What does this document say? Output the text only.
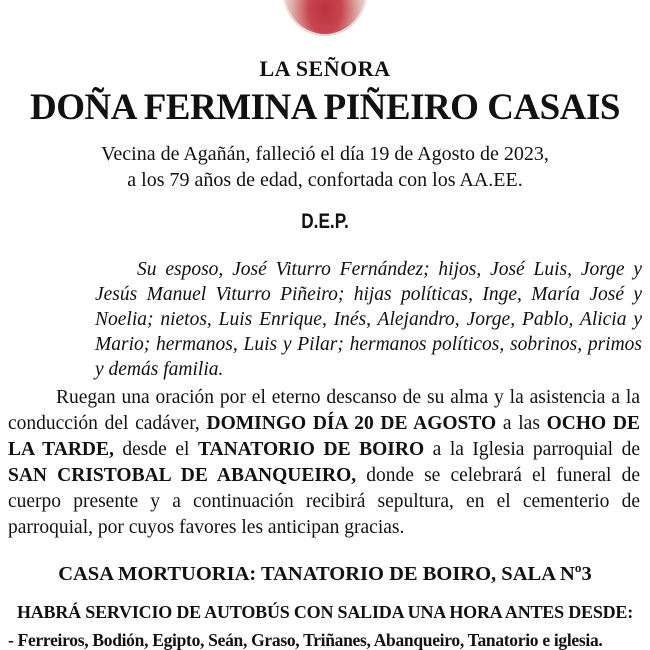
LA SEÑORA
DOÑA FERMINA PIÑEIRO CASAIS
Vecina de Agañán, falleció el día 19 de Agosto de 2023,
a los 79 años de edad, confortada con los AA.EE.
D.E.P.
Su esposo, José Viturro Fernández; hijos, José Luis, Jorge y Jesús Manuel Viturro Piñeiro; hijas políticas, Inge, María José y Noelia; nietos, Luis Enrique, Inés, Alejandro, Jorge, Pablo, Alicia y Mario; hermanos, Luis y Pilar; hermanos políticos, sobrinos, primos y demás familia.
Ruegan una oración por el eterno descanso de su alma y la asistencia a la conducción del cadáver, DOMINGO DÍA 20 DE AGOSTO a las OCHO DE LA TARDE, desde el TANATORIO DE BOIRO a la Iglesia parroquial de SAN CRISTOBAL DE ABANQUEIRO, donde se celebrará el funeral de cuerpo presente y a continuación recibirá sepultura, en el cementerio de parroquial, por cuyos favores les anticipan gracias.
CASA MORTUORIA: TANATORIO DE BOIRO, SALA Nº3
HABRÁ SERVICIO DE AUTOBÚS CON SALIDA UNA HORA ANTES DESDE:
- Ferreiros, Bodión, Egipto, Seán, Graso, Triñanes, Abanqueiro, Tanatorio e iglesia.
